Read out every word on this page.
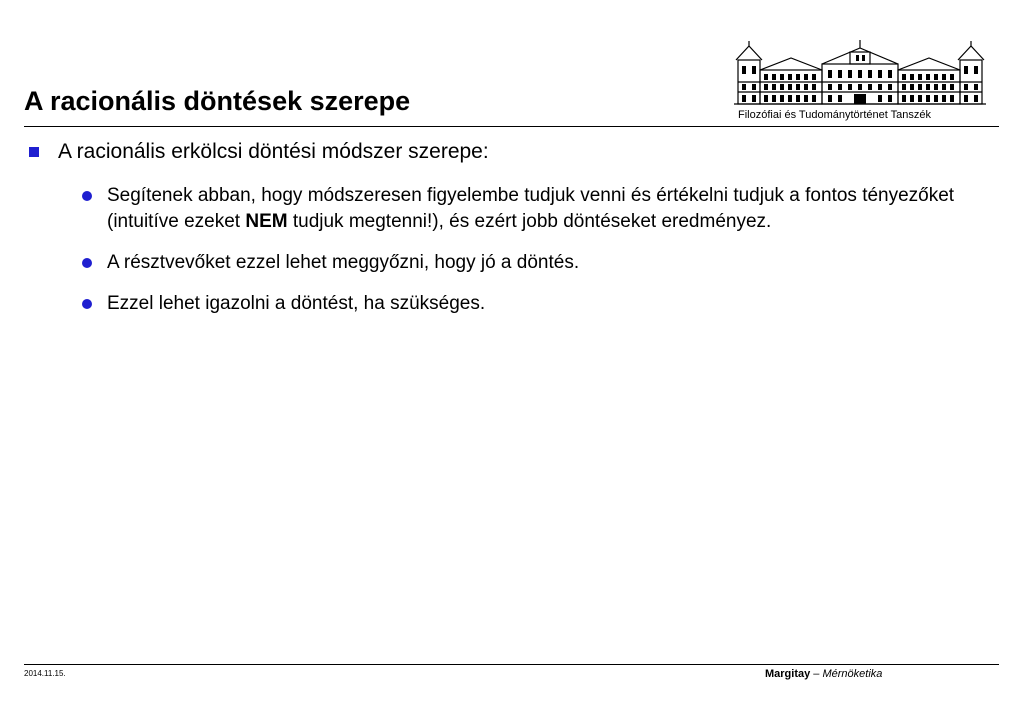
A racionális döntések szerepe	Filozófiai és Tudománytörténet Tanszék
A racionális erkölcsi döntési módszer szerepe:
Segítenek abban, hogy módszeresen figyelembe tudjuk venni és értékelni tudjuk a fontos tényezőket (intuitíve ezeket NEM tudjuk megtenni!), és ezért jobb döntéseket eredményez.
A résztvevőket ezzel lehet meggyőzni, hogy jó a döntés.
Ezzel lehet igazolni a döntést, ha szükséges.
2014.11.15.	Margitay – Mérnöketika
